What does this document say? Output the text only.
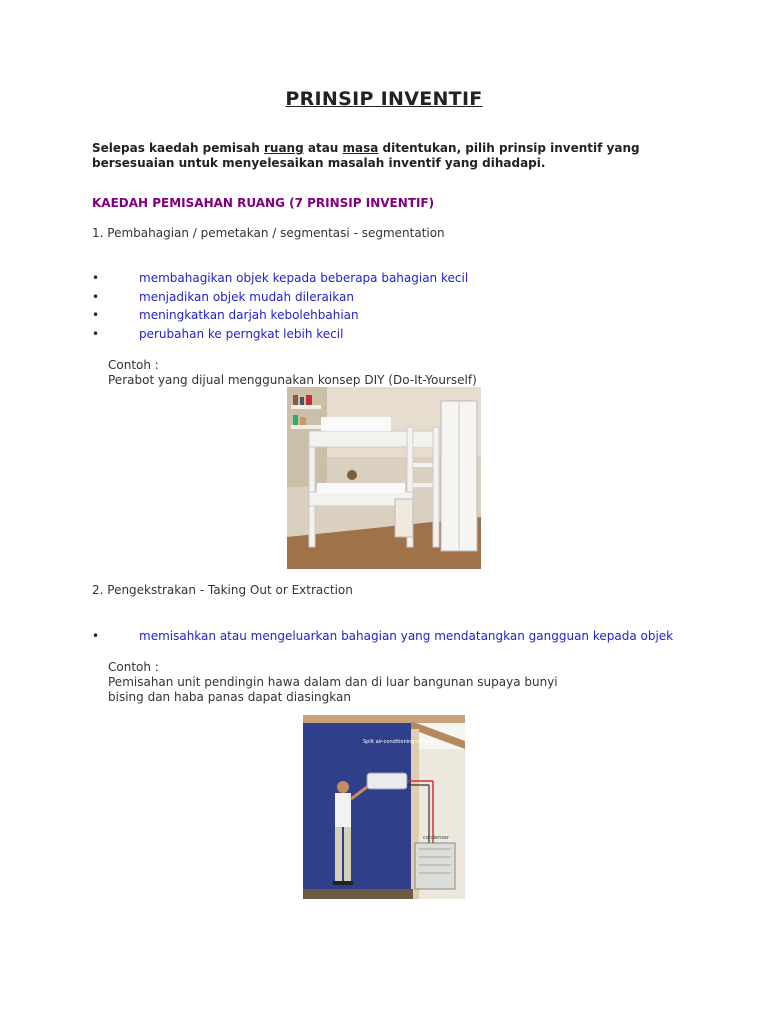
PRINSIP INVENTIF
Selepas kaedah pemisah ruang atau masa ditentukan, pilih prinsip inventif yang bersesuaian untuk menyelesaikan masalah inventif yang dihadapi.
KAEDAH PEMISAHAN RUANG (7 PRINSIP INVENTIF)
1. Pembahagian / pemetakan / segmentasi - segmentation
•	membahagikan objek kepada beberapa bahagian kecil
•	menjadikan objek mudah dileraikan
•	meningkatkan darjah kebolehbahian
•	perubahan ke perngkat lebih kecil
Contoh :
Perabot yang dijual menggunakan konsep DIY (Do-It-Yourself)
2. Pengekstrakan - Taking Out or Extraction
•	memisahkan atau mengeluarkan bahagian yang mendatangkan gangguan kepada objek
Contoh :
Pemisahan unit pendingin hawa dalam dan di luar bangunan supaya bunyi
bising dan haba panas dapat diasingkan
Split air-conditioning system
condenser
